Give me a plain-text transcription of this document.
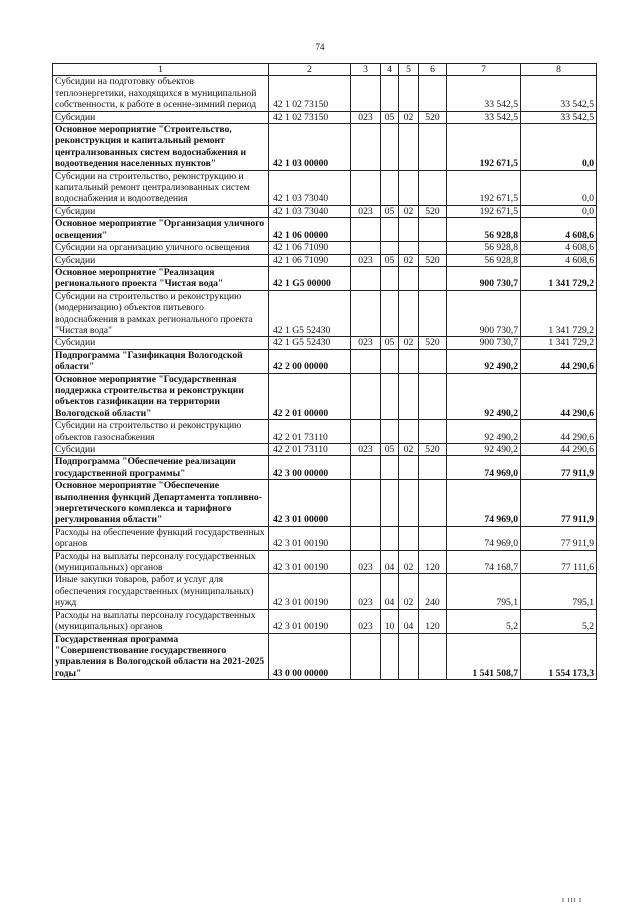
74
1	2	3	4	5	6	7	8
Субсидии на подготовку объектов теплоэнергетики, находящихся в муниципальной собственности, к работе в осенне-зимний период	42 1 02 73150					33 542,5	33 542,5
Субсидии	42 1 02 73150	023	05	02	520	33 542,5	33 542,5
Основное мероприятие "Строительство, реконструкция и капитальный ремонт централизованных систем водоснабжения и водоотведения населенных пунктов"	42 1 03 00000					192 671,5	0,0
Субсидии на строительство, реконструкцию и капитальный ремонт централизованных систем водоснабжения и водоотведения	42 1 03 73040					192 671,5	0,0
Субсидии	42 1 03 73040	023	05	02	520	192 671,5	0,0
Основное мероприятие "Организация уличного освещения"	42 1 06 00000					56 928,8	4 608,6
Субсидии на организацию уличного освещения	42 1 06 71090					56 928,8	4 608,6
Субсидии	42 1 06 71090	023	05	02	520	56 928,8	4 608,6
Основное мероприятие "Реализация регионального проекта "Чистая вода"	42 1 G5 00000					900 730,7	1 341 729,2
Субсидии на строительство и реконструкцию (модернизацию) объектов питьевого водоснабжения в рамках регионального проекта "Чистая вода"	42 1 G5 52430					900 730,7	1 341 729,2
Субсидии	42 1 G5 52430	023	05	02	520	900 730,7	1 341 729,2
Подпрограмма "Газификация Вологодской области"	42 2 00 00000					92 490,2	44 290,6
Основное мероприятие "Государственная поддержка строительства и реконструкции объектов газификации на территории Вологодской области"	42 2 01 00000					92 490,2	44 290,6
Субсидии на строительство и реконструкцию объектов газоснабжения	42 2 01 73110					92 490,2	44 290,6
Субсидии	42 2 01 73110	023	05	02	520	92 490,2	44 290,6
Подпрограмма "Обеспечение реализации государственной программы"	42 3 00 00000					74 969,0	77 911,9
Основное мероприятие "Обеспечение выполнения функций Департамента топливно-энергетического комплекса и тарифного регулирования области"	42 3 01 00000					74 969,0	77 911,9
Расходы на обеспечение функций государственных органов	42 3 01 00190					74 969,0	77 911,9
Расходы на выплаты персоналу государственных (муниципальных) органов	42 3 01 00190	023	04	02	120	74 168,7	77 111,6
Иные закупки товаров, работ и услуг для обеспечения государственных (муниципальных) нужд	42 3 01 00190	023	04	02	240	795,1	795,1
Расходы на выплаты персоналу государственных (муниципальных) органов	42 3 01 00190	023	10	04	120	5,2	5,2
Государственная программа "Совершенствование государственного управления в Вологодской области на 2021-2025 годы"	43 0 00 00000					1 541 508,7	1 554 173,3
I III I
